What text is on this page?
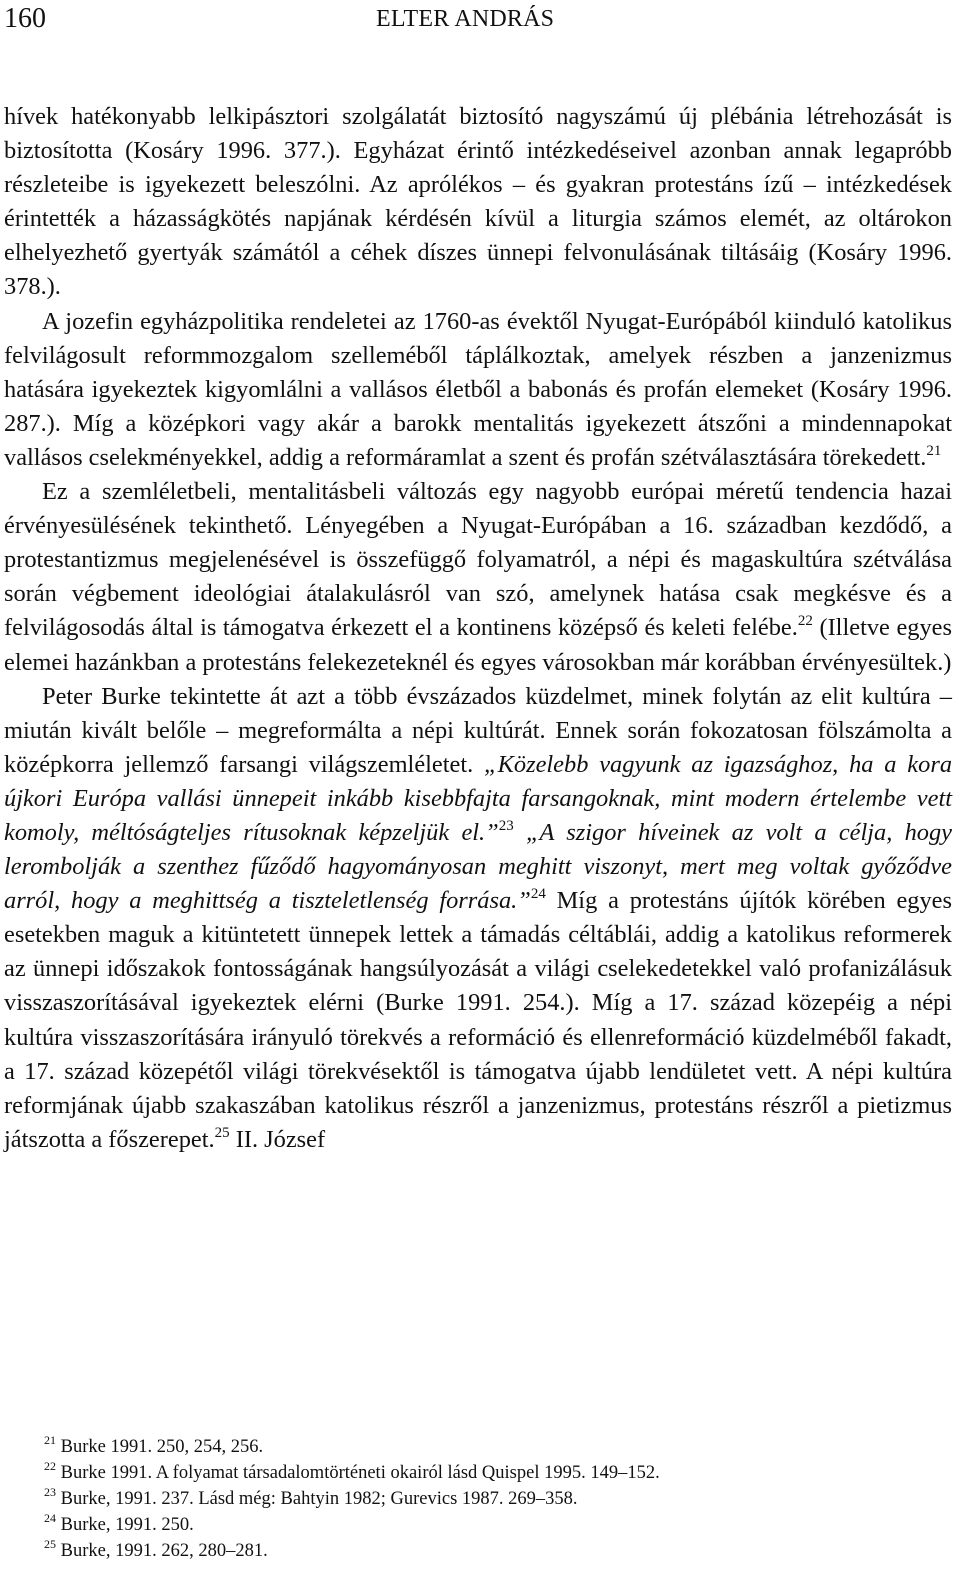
160	ELTER ANDRÁS

hívek hatékonyabb lelkipásztori szolgálatát biztosító nagyszámú új plébánia létrehozását is biztosította (Kosáry 1996. 377.). Egyházat érintő intézkedéseivel azonban annak legapróbb részleteibe is igyekezett beleszólni. Az aprólékos – és gyakran protestáns ízű – intézkedések érintették a házasságkötés napjának kérdésén kívül a liturgia számos elemét, az oltárokon elhelyezhető gyertyák számától a céhek díszes ünnepi felvonulásának tiltásáig (Kosáry 1996. 378.).

A jozefin egyházpolitika rendeletei az 1760-as évektől Nyugat-Európából kiinduló katolikus felvilágosult reformmozgalom szelleméből táplálkoztak, amelyek részben a janzenizmus hatására igyekeztek kigyomlálni a vallásos életből a babonás és profán elemeket (Kosáry 1996. 287.). Míg a középkori vagy akár a barokk mentalitás igyekezett átszőni a mindennapokat vallásos cselekményekkel, addig a reformáramlat a szent és profán szétválasztására törekedett.$^{21}$

Ez a szemléletbeli, mentalitásbeli változás egy nagyobb európai méretű tendencia hazai érvényesülésének tekinthető. Lényegében a Nyugat-Európában a 16. században kezdődő, a protestantizmus megjelenésével is összefüggő folyamatról, a népi és magaskultúra szétválása során végbement ideológiai átalakulásról van szó, amelynek hatása csak megkésve és a felvilágosodás által is támogatva érkezett el a kontinens középső és keleti felébe.$^{22}$ (Illetve egyes elemei hazánkban a protestáns felekezeteknél és egyes városokban már korábban érvényesültek.)

Peter Burke tekintette át azt a több évszázados küzdelmet, minek folytán az elit kultúra – miután kivált belőle – megreformálta a népi kultúrát. Ennek során fokozatosan fölszámolta a középkorra jellemző farsangi világszemléletet. „Közelebb vagyunk az igazsághoz, ha a kora újkori Európa vallási ünnepeit inkább kisebbfajta farsangoknak, mint modern értelembe vett komoly, méltóságteljes rítusoknak képzeljük el.”$^{23}$ „A szigor híveinek az volt a célja, hogy lerombolják a szenthez fűződő hagyományosan meghitt viszonyt, mert meg voltak győződve arról, hogy a meghittség a tiszteletlenség forrása.”$^{24}$ Míg a protestáns újítók körében egyes esetekben maguk a kitüntetett ünnepek lettek a támadás céltáblái, addig a katolikus reformerek az ünnepi időszakok fontosságának hangsúlyozását a világi cselekedetekkel való profanizálásuk visszaszorításával igyekeztek elérni (Burke 1991. 254.). Míg a 17. század közepéig a népi kultúra visszaszorítására irányuló törekvés a reformáció és ellenreformáció küzdelméből fakadt, a 17. század közepétől világi törekvésektől is támogatva újabb lendületet vett. A népi kultúra reformjának újabb szakaszában katolikus részről a janzenizmus, protestáns részről a pietizmus játszotta a főszerepet.$^{25}$ II. József

$^{21}$ Burke 1991. 250, 254, 256.

$^{22}$ Burke 1991. A folyamat társadalomtörténeti okairól lásd Quispel 1995. 149–152.

$^{23}$ Burke, 1991. 237. Lásd még: Bahtyin 1982; Gurevics 1987. 269–358.

$^{24}$ Burke, 1991. 250.

$^{25}$ Burke, 1991. 262, 280–281.
